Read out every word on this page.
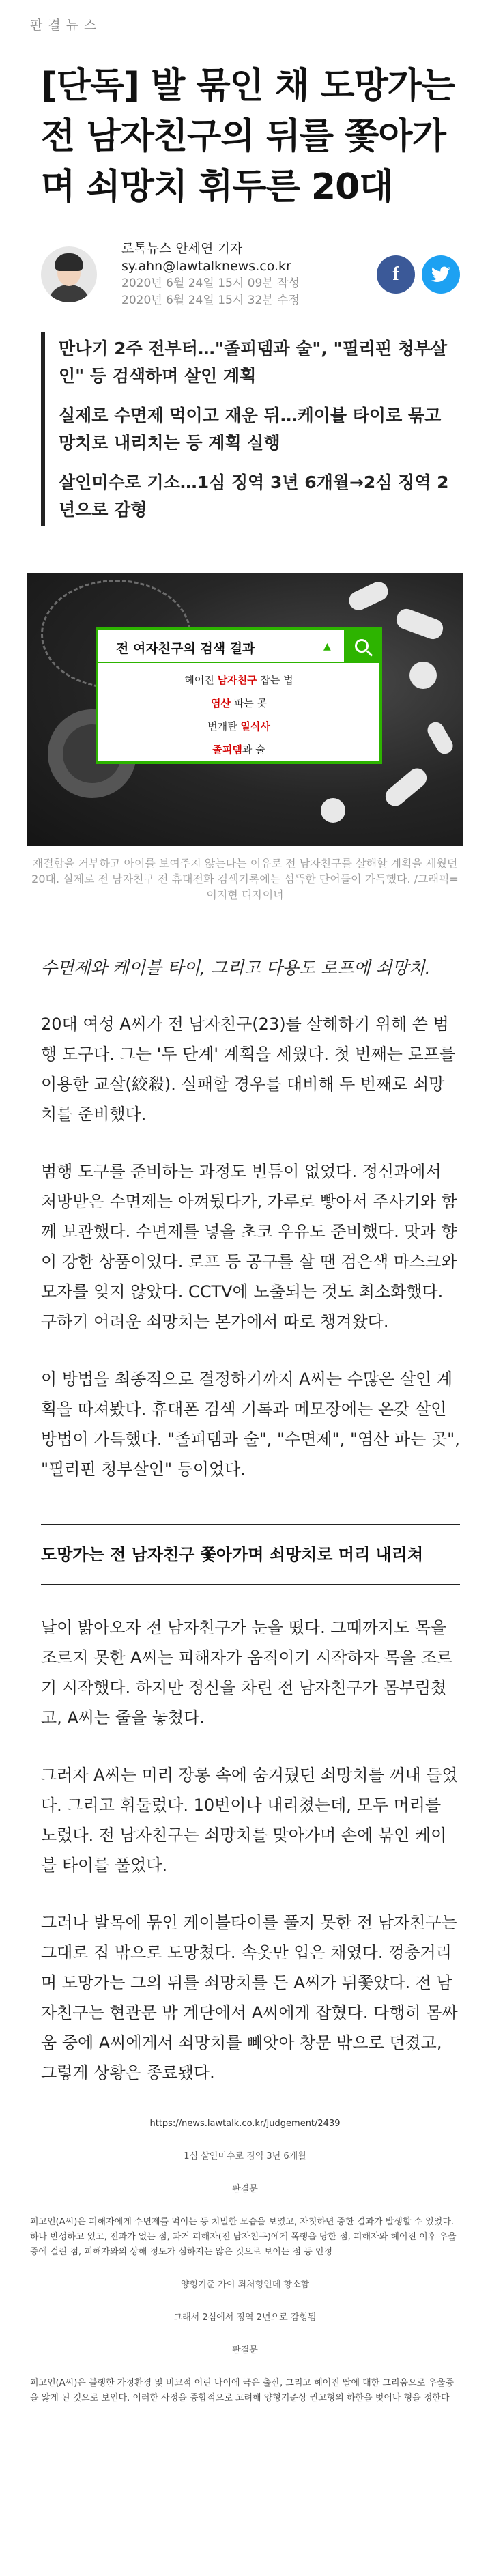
판 결 뉴 스
[단독] 발 묶인 채 도망가는 전 남자친구의 뒤를 쫓아가며 쇠망치 휘두른 20대
로톡뉴스 안세연 기자
sy.ahn@lawtalknews.co.kr
2020년 6월 24일 15시 09분 작성
2020년 6월 24일 15시 32분 수정
f

만나기 2주 전부터…"졸피뎀과 술", "필리핀 청부살인" 등 검색하며 살인 계획

실제로 수면제 먹이고 재운 뒤…케이블 타이로 묶고 망치로 내리치는 등 계획 실행

살인미수로 기소…1심 징역 3년 6개월→2심 징역 2년으로 감형

전 여자친구의 검색 결과	▲
헤어진 남자친구 잡는 법
염산 파는 곳
번개탄 일식사
졸피뎀과 술

재결합을 거부하고 아이를 보여주지 않는다는 이유로 전 남자친구를 살해할 계획을 세웠던 20대. 실제로 전 남자친구 전 휴대전화 검색기록에는 섬뜩한 단어들이 가득했다. /그래픽=이지현 디자이너

수면제와 케이블 타이, 그리고 다용도 로프에 쇠망치.

20대 여성 A씨가 전 남자친구(23)를 살해하기 위해 쓴 범행 도구다. 그는 '두 단계' 계획을 세웠다. 첫 번째는 로프를 이용한 교살(絞殺). 실패할 경우를 대비해 두 번째로 쇠망치를 준비했다.

범행 도구를 준비하는 과정도 빈틈이 없었다. 정신과에서 처방받은 수면제는 아껴뒀다가, 가루로 빻아서 주사기와 함께 보관했다. 수면제를 넣을 초코 우유도 준비했다. 맛과 향이 강한 상품이었다. 로프 등 공구를 살 땐 검은색 마스크와 모자를 잊지 않았다. CCTV에 노출되는 것도 최소화했다. 구하기 어려운 쇠망치는 본가에서 따로 챙겨왔다.

이 방법을 최종적으로 결정하기까지 A씨는 수많은 살인 계획을 따져봤다. 휴대폰 검색 기록과 메모장에는 온갖 살인 방법이 가득했다. "졸피뎀과 술", "수면제", "염산 파는 곳", "필리핀 청부살인" 등이었다.

도망가는 전 남자친구 쫓아가며 쇠망치로 머리 내리쳐

날이 밝아오자 전 남자친구가 눈을 떴다. 그때까지도 목을 조르지 못한 A씨는 피해자가 움직이기 시작하자 목을 조르기 시작했다. 하지만 정신을 차린 전 남자친구가 몸부림쳤고, A씨는 줄을 놓쳤다.

그러자 A씨는 미리 장롱 속에 숨겨뒀던 쇠망치를 꺼내 들었다. 그리고 휘둘렀다. 10번이나 내리쳤는데, 모두 머리를 노렸다. 전 남자친구는 쇠망치를 맞아가며 손에 묶인 케이블 타이를 풀었다.

그러나 발목에 묶인 케이블타이를 풀지 못한 전 남자친구는 그대로 집 밖으로 도망쳤다. 속옷만 입은 채였다. 껑충거리며 도망가는 그의 뒤를 쇠망치를 든 A씨가 뒤쫓았다. 전 남자친구는 현관문 밖 계단에서 A씨에게 잡혔다. 다행히 몸싸움 중에 A씨에게서 쇠망치를 빼앗아 창문 밖으로 던졌고, 그렇게 상황은 종료됐다.

https://news.lawtalk.co.kr/judgement/2439
1심 살인미수로 징역 3년 6개월
판결문
피고인(A씨)은 피해자에게 수면제를 먹이는 등 치밀한 모습을 보였고, 자칫하면 중한 결과가 발생할 수 있었다. 하나 반성하고 있고, 전과가 없는 점, 과거 피해자(전 남자친구)에게 폭행을 당한 점, 피해자와 헤어진 이후 우울증에 걸린 점, 피해자와의 상해 정도가 심하지는 않은 것으로 보이는 점 등 인정
양형기준 가이 죄처형인데 항소함
그래서 2심에서 징역 2년으로 감형됨
판결문
피고인(A씨)은 불행한 가정환경 및 비교적 어린 나이에 극은 출산, 그리고 헤어진 딸에 대한 그리움으로 우울증을 앓게 된 것으로 보인다. 이러한 사정을 종합적으로 고려해 양형기준상 권고형의 하한을 벗어나 형을 정한다
